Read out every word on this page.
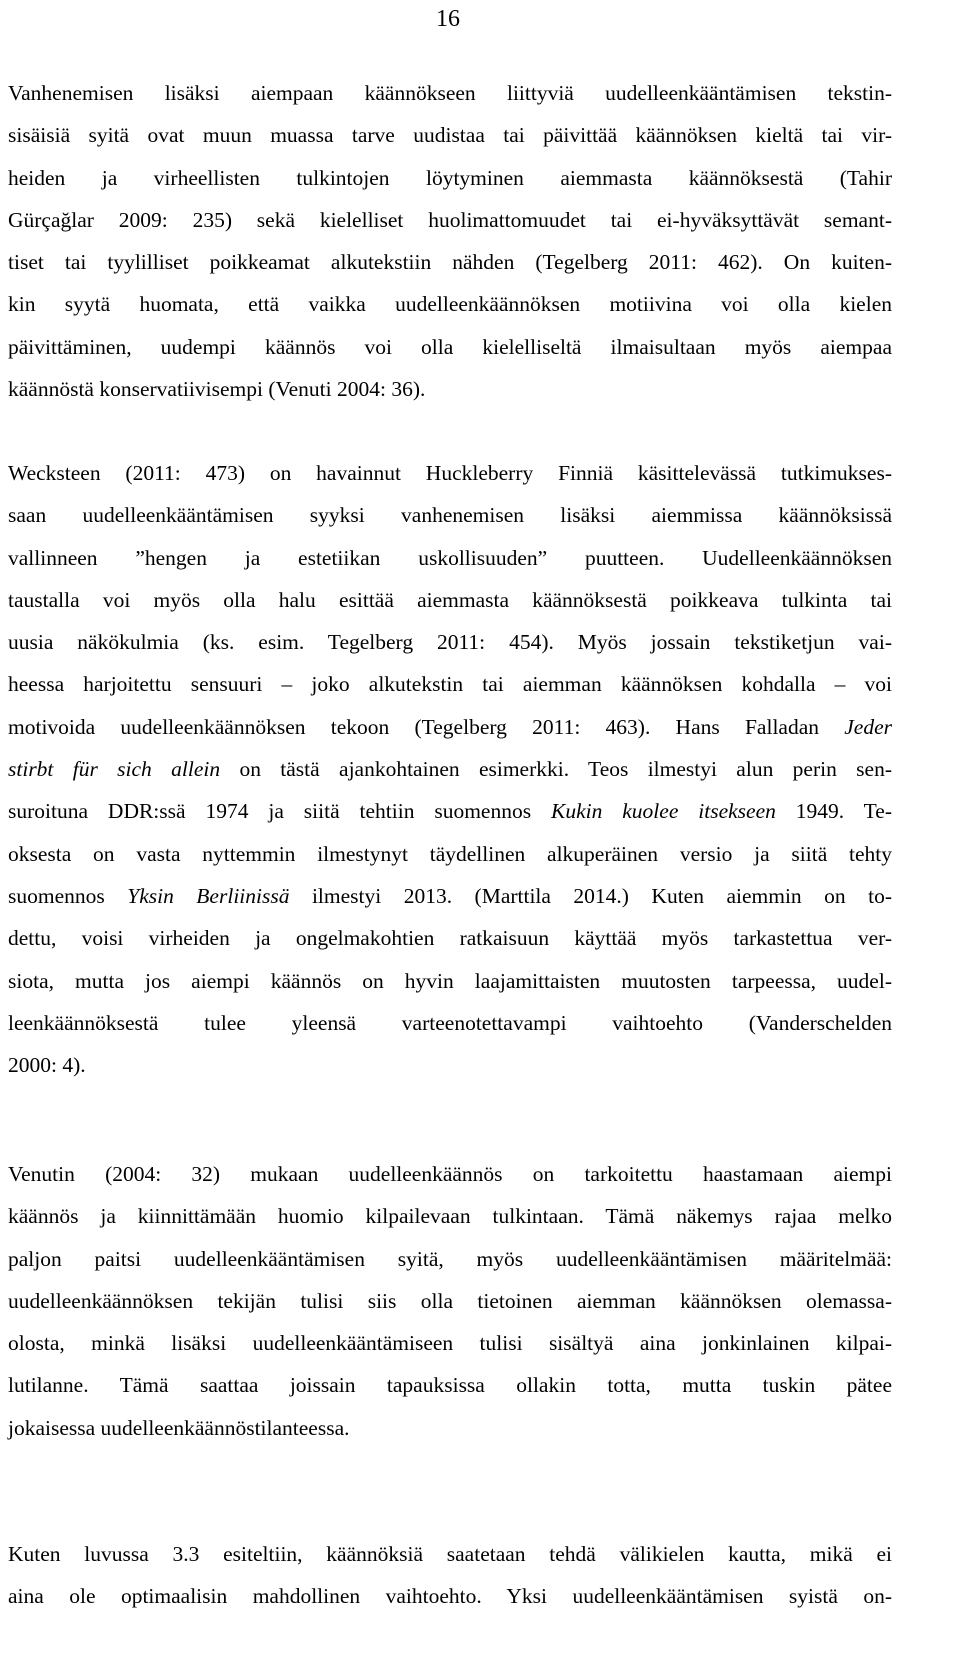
16
Vanhenemisen lisäksi aiempaan käännökseen liittyviä uudelleenkääntämisen tekstin-
sisäisiä syitä ovat muun muassa tarve uudistaa tai päivittää käännöksen kieltä tai vir-
heiden ja virheellisten tulkintojen löytyminen aiemmasta käännöksestä (Tahir
Gürçağlar 2009: 235) sekä kielelliset huolimattomuudet tai ei-hyväksyttävät semant-
tiset tai tyylilliset poikkeamat alkutekstiin nähden (Tegelberg 2011: 462). On kuiten-
kin syytä huomata, että vaikka uudelleenkäännöksen motiivina voi olla kielen
päivittäminen, uudempi käännös voi olla kielelliseltä ilmaisultaan myös aiempaa
käännöstä konservatiivisempi (Venuti 2004: 36).
Wecksteen (2011: 473) on havainnut Huckleberry Finniä käsittelevässä tutkimukses-
saan uudelleenkääntämisen syyksi vanhenemisen lisäksi aiemmissa käännöksissä
vallinneen ”hengen ja estetiikan uskollisuuden” puutteen. Uudelleenkäännöksen
taustalla voi myös olla halu esittää aiemmasta käännöksestä poikkeava tulkinta tai
uusia näkökulmia (ks. esim. Tegelberg 2011: 454). Myös jossain tekstiketjun vai-
heessa harjoitettu sensuuri – joko alkutekstin tai aiemman käännöksen kohdalla – voi
motivoida uudelleenkäännöksen tekoon (Tegelberg 2011: 463). Hans Falladan Jeder
stirbt für sich allein on tästä ajankohtainen esimerkki. Teos ilmestyi alun perin sen-
suroituna DDR:ssä 1974 ja siitä tehtiin suomennos Kukin kuolee itsekseen 1949. Te-
oksesta on vasta nyttemmin ilmestynyt täydellinen alkuperäinen versio ja siitä tehty
suomennos Yksin Berliinissä ilmestyi 2013. (Marttila 2014.) Kuten aiemmin on to-
dettu, voisi virheiden ja ongelmakohtien ratkaisuun käyttää myös tarkastettua ver-
siota, mutta jos aiempi käännös on hyvin laajamittaisten muutosten tarpeessa, uudel-
leenkäännöksestä tulee yleensä varteenotettavampi vaihtoehto (Vanderschelden
2000: 4).
Venutin (2004: 32) mukaan uudelleenkäännös on tarkoitettu haastamaan aiempi
käännös ja kiinnittämään huomio kilpailevaan tulkintaan. Tämä näkemys rajaa melko
paljon paitsi uudelleenkääntämisen syitä, myös uudelleenkääntämisen määritelmää:
uudelleenkäännöksen tekijän tulisi siis olla tietoinen aiemman käännöksen olemassa-
olosta, minkä lisäksi uudelleenkääntämiseen tulisi sisältyä aina jonkinlainen kilpai-
lutilanne. Tämä saattaa joissain tapauksissa ollakin totta, mutta tuskin pätee
jokaisessa uudelleenkäännöstilanteessa.
Kuten luvussa 3.3 esiteltiin, käännöksiä saatetaan tehdä välikielen kautta, mikä ei
aina ole optimaalisin mahdollinen vaihtoehto. Yksi uudelleenkääntämisen syistä on-
